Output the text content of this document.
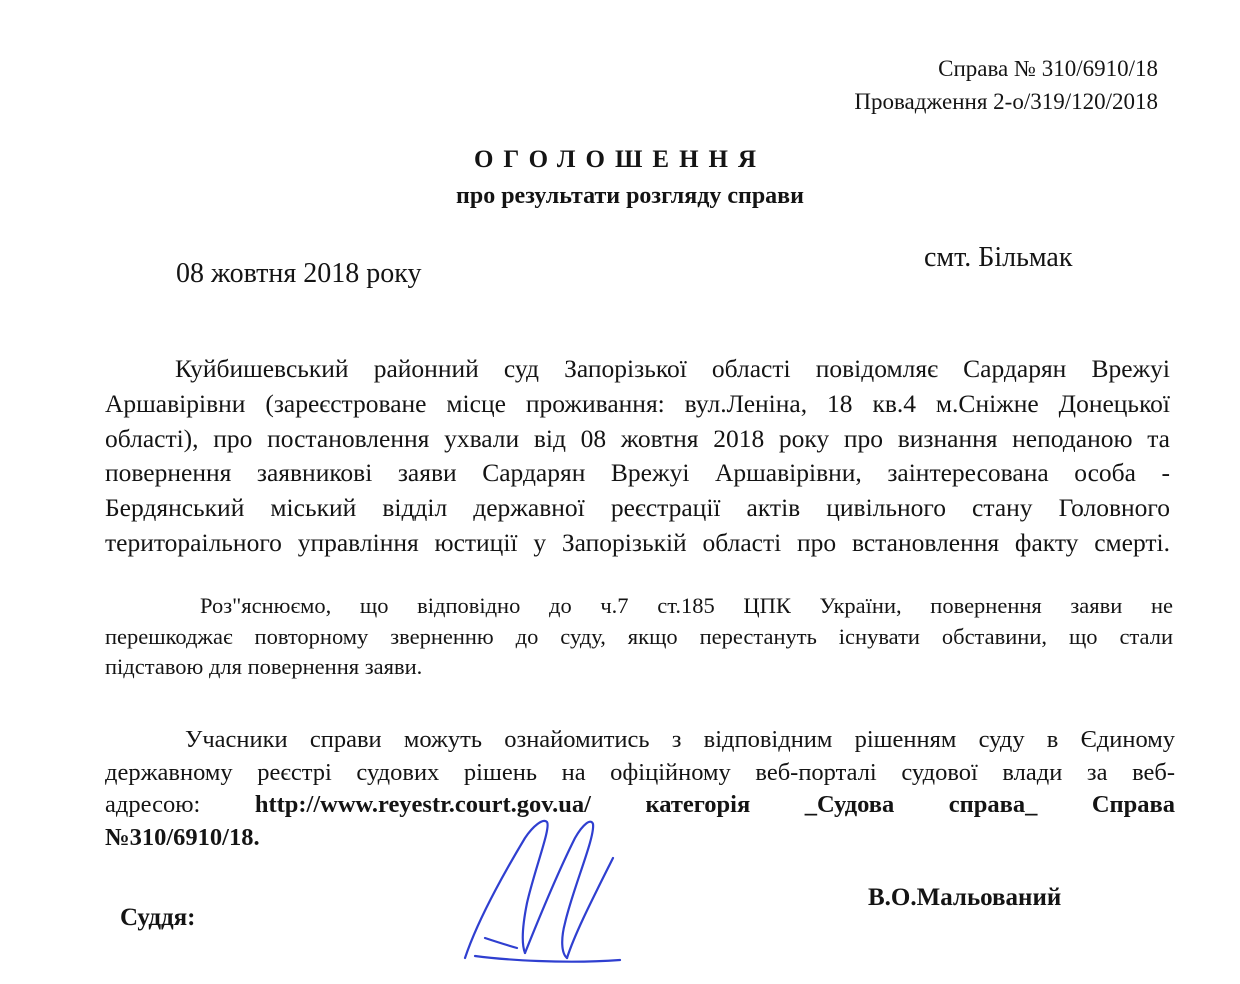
Справа № 310/6910/18
Провадження 2-о/319/120/2018
ОГОЛОШЕННЯ
про результати розгляду справи
08 жовтня 2018 року
смт. Більмак
Куйбишевський районний суд Запорізької області повідомляє Сардарян Врежуі
Аршавірівни (зареєстроване місце проживання: вул.Леніна, 18 кв.4 м.Сніжне Донецької
області), про постановлення ухвали від 08 жовтня 2018 року про визнання неподаною та
повернення заявникові заяви Сардарян Врежуі Аршавірівни, заінтересована особа -
Бердянський міський відділ державної реєстрації актів цивільного стану Головного
територаільного управління юстиції у Запорізькій області про встановлення факту смерті.
Роз"яснюємо, що відповідно до ч.7 ст.185 ЦПК України, повернення заяви не
перешкоджає повторному зверненню до суду, якщо перестануть існувати обставини, що стали
підставою для повернення заяви.
Учасники справи можуть ознайомитись з відповідним рішенням суду в Єдиному
державному реєстрі судових рішень на офіційному веб-порталі судової влади за веб-
адресою: http://www.reyestr.court.gov.ua/ категорія _Судова справа_ Справа
№310/6910/18.
Суддя:
В.О.Мальований
